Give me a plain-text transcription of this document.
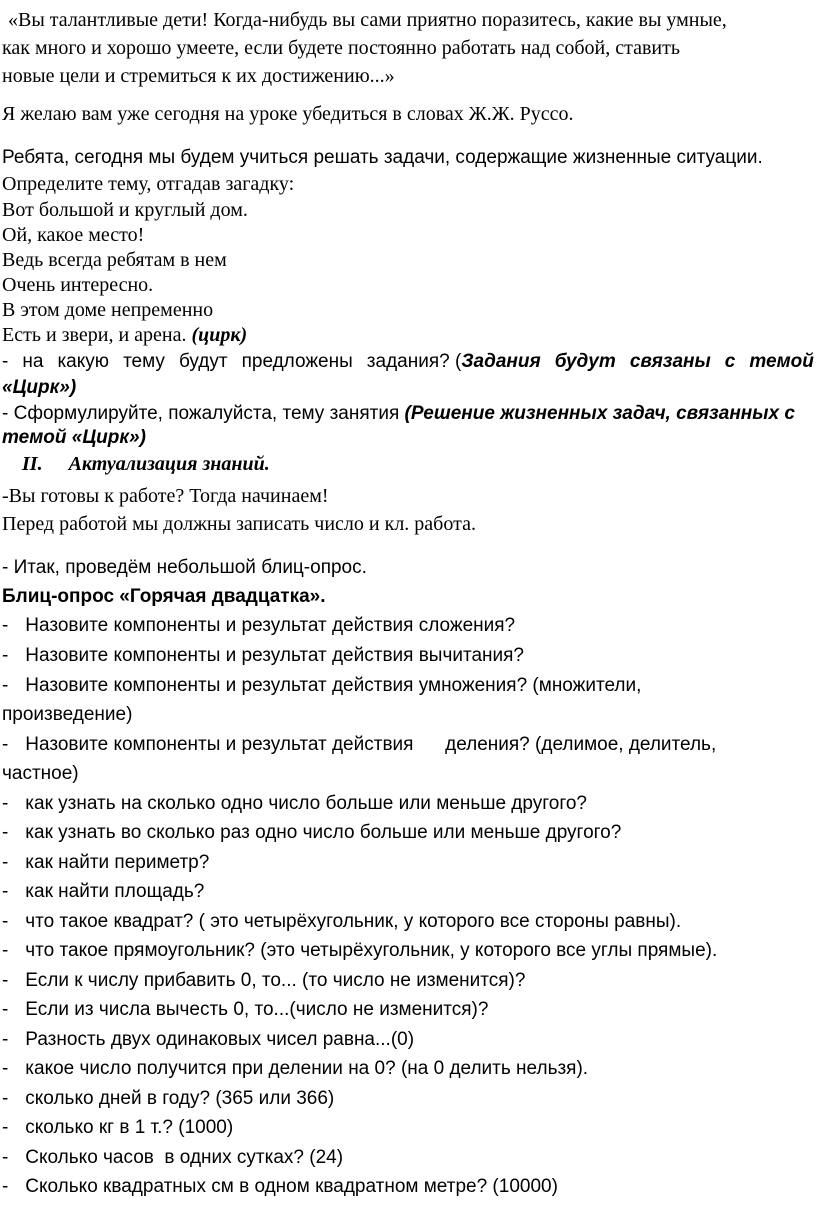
«Вы талантливые дети! Когда-нибудь вы сами приятно поразитесь, какие вы умные,
как много и хорошо умеете, если будете постоянно работать над собой, ставить
новые цели и стремиться к их достижению...»
Я желаю вам уже сегодня на уроке убедиться в словах Ж.Ж. Руссо.
Ребята, сегодня мы будем учиться решать задачи, содержащие жизненные ситуации.
Определите тему, отгадав загадку:
Вот большой и круглый дом.
Ой, какое место!
Ведь всегда ребятам в нем
Очень интересно.
В этом доме непременно
Есть и звери, и арена. (цирк)
- на какую тему будут предложены задания? (Задания будут связаны с темой
«Цирк»)
- Сформулируйте, пожалуйста, тему занятия (Решение жизненных задач, связанных с
темой «Цирк»)
II. Актуализация знаний.
-Вы готовы к работе? Тогда начинаем!
Перед работой мы должны записать число и кл. работа.
- Итак, проведём небольшой блиц-опрос.
Блиц-опрос «Горячая двадцатка».
- Назовите компоненты и результат действия сложения?
- Назовите компоненты и результат действия вычитания?
- Назовите компоненты и результат действия умножения? (множители,
произведение)
- Назовите компоненты и результат действия      деления? (делимое, делитель,
частное)
- как узнать на сколько одно число больше или меньше другого?
- как узнать во сколько раз одно число больше или меньше другого?
- как найти периметр?
- как найти площадь?
- что такое квадрат? ( это четырёхугольник, у которого все стороны равны).
- что такое прямоугольник? (это четырёхугольник, у которого все углы прямые).
- Если к числу прибавить 0, то... (то число не изменится)?
- Если из числа вычесть 0, то...(число не изменится)?
- Разность двух одинаковых чисел равна...(0)
- какое число получится при делении на 0? (на 0 делить нельзя).
- сколько дней в году? (365 или 366)
- сколько кг в 1 т.? (1000)
- Сколько часов  в одних сутках? (24)
- Сколько квадратных см в одном квадратном метре? (10000)
